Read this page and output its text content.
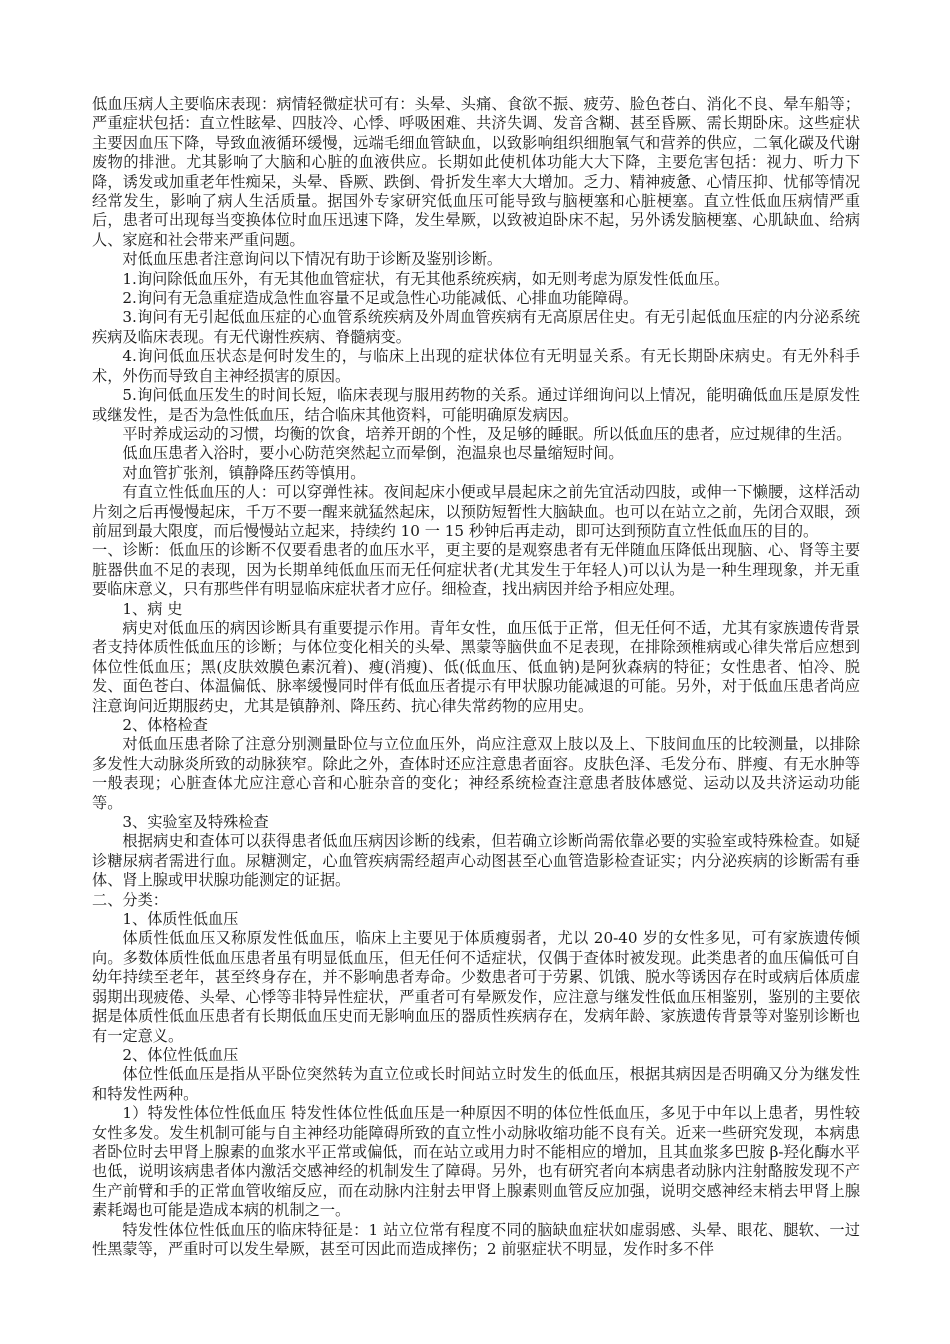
低血压病人主要临床表现：病情轻微症状可有：头晕、头痛、食欲不振、疲劳、脸色苍白、消化不良、晕车船等；严重症状包括：直立性眩晕、四肢冷、心悸、呼吸困难、共济失调、发音含糊、甚至昏厥、需长期卧床。这些症状主要因血压下降，导致血液循环缓慢，远端毛细血管缺血，以致影响组织细胞氧气和营养的供应，二氧化碳及代谢废物的排泄。尤其影响了大脑和心脏的血液供应。长期如此使机体功能大大下降，主要危害包括：视力、听力下降，诱发或加重老年性痴呆，头晕、昏厥、跌倒、骨折发生率大大增加。乏力、精神疲惫、心情压抑、忧郁等情况经常发生，影响了病人生活质量。据国外专家研究低血压可能导致与脑梗塞和心脏梗塞。直立性低血压病情严重后，患者可出现每当变换体位时血压迅速下降，发生晕厥，以致被迫卧床不起，另外诱发脑梗塞、心肌缺血、给病人、家庭和社会带来严重问题。

对低血压患者注意询问以下情况有助于诊断及鉴别诊断。

1.询问除低血压外，有无其他血管症状，有无其他系统疾病，如无则考虑为原发性低血压。

2.询问有无急重症造成急性血容量不足或急性心功能减低、心排血功能障碍。

3.询问有无引起低血压症的心血管系统疾病及外周血管疾病有无高原居住史。有无引起低血压症的内分泌系统疾病及临床表现。有无代谢性疾病、脊髓病变。

4.询问低血压状态是何时发生的，与临床上出现的症状体位有无明显关系。有无长期卧床病史。有无外科手术，外伤而导致自主神经损害的原因。

5.询问低血压发生的时间长短，临床表现与服用药物的关系。通过详细询问以上情况，能明确低血压是原发性或继发性，是否为急性低血压，结合临床其他资料，可能明确原发病因。

平时养成运动的习惯，均衡的饮食，培养开朗的个性，及足够的睡眠。所以低血压的患者，应过规律的生活。

低血压患者入浴时，要小心防范突然起立而晕倒，泡温泉也尽量缩短时间。

对血管扩张剂，镇静降压药等慎用。

有直立性低血压的人：可以穿弹性袜。夜间起床小便或早晨起床之前先宜活动四肢，或伸一下懒腰，这样活动片刻之后再慢慢起床，千万不要一醒来就猛然起床，以预防短暂性大脑缺血。也可以在站立之前，先闭合双眼，颈前屈到最大限度，而后慢慢站立起来，持续约 10 一 15 秒钟后再走动，即可达到预防直立性低血压的目的。

一、诊断：低血压的诊断不仅要看患者的血压水平，更主要的是观察患者有无伴随血压降低出现脑、心、肾等主要脏器供血不足的表现，因为长期单纯低血压而无任何症状者(尤其发生于年轻人)可以认为是一种生理现象，并无重要临床意义，只有那些伴有明显临床症状者才应仔。细检查，找出病因并给予相应处理。

1、病 史

病史对低血压的病因诊断具有重要提示作用。青年女性，血压低于正常，但无任何不适，尤其有家族遗传背景者支持体质性低血压的诊断；与体位变化相关的头晕、黑蒙等脑供血不足表现，在排除颈椎病或心律失常后应想到体位性低血压；黑(皮肤效膜色素沉着)、瘦(消瘦)、低(低血压、低血钠)是阿狄森病的特征；女性患者、怕冷、脱发、面色苍白、体温偏低、脉率缓慢同时伴有低血压者提示有甲状腺功能减退的可能。另外，对于低血压患者尚应注意询问近期服药史，尤其是镇静剂、降压药、抗心律失常药物的应用史。

2、体格检查

对低血压患者除了注意分别测量卧位与立位血压外，尚应注意双上肢以及上、下肢间血压的比较测量，以排除多发性大动脉炎所致的动脉狭窄。除此之外，查体时还应注意患者面容。皮肤色泽、毛发分布、胖瘦、有无水肿等一般表现；心脏查体尤应注意心音和心脏杂音的变化；神经系统检查注意患者肢体感觉、运动以及共济运动功能等。

3、实验室及特殊检查

根据病史和查体可以获得患者低血压病因诊断的线索，但若确立诊断尚需依靠必要的实验室或特殊检查。如疑诊糖尿病者需进行血。尿糖测定，心血管疾病需经超声心动图甚至心血管造影检查证实；内分泌疾病的诊断需有垂体、肾上腺或甲状腺功能测定的证据。

二、分类：

1、体质性低血压

体质性低血压又称原发性低血压，临床上主要见于体质瘦弱者，尤以 20-40 岁的女性多见，可有家族遗传倾向。多数体质性低血压患者虽有明显低血压，但无任何不适症状，仅偶于查体时被发现。此类患者的血压偏低可自幼年持续至老年，甚至终身存在，并不影响患者寿命。少数患者可于劳累、饥饿、脱水等诱因存在时或病后体质虚弱期出现疲倦、头晕、心悸等非特异性症状，严重者可有晕厥发作，应注意与继发性低血压相鉴别，鉴别的主要依据是体质性低血压患者有长期低血压史而无影响血压的器质性疾病存在，发病年龄、家族遗传背景等对鉴别诊断也有一定意义。

2、体位性低血压

体位性低血压是指从平卧位突然转为直立位或长时间站立时发生的低血压，根据其病因是否明确又分为继发性和特发性两种。

1）特发性体位性低血压 特发性体位性低血压是一种原因不明的体位性低血压，多见于中年以上患者，男性较女性多发。发生机制可能与自主神经功能障碍所致的直立性小动脉收缩功能不良有关。近来一些研究发现，本病患者卧位时去甲肾上腺素的血浆水平正常或偏低，而在站立或用力时不能相应的增加，且其血浆多巴胺 β-羟化酶水平也低，说明该病患者体内激活交感神经的机制发生了障碍。另外，也有研究者向本病患者动脉内注射酪胺发现不产生产前臂和手的正常血管收缩反应，而在动脉内注射去甲肾上腺素则血管反应加强，说明交感神经末梢去甲肾上腺素耗竭也可能是造成本病的机制之一。

特发性体位性低血压的临床特征是：1 站立位常有程度不同的脑缺血症状如虚弱感、头晕、眼花、腿软、一过性黑蒙等，严重时可以发生晕厥，甚至可因此而造成摔伤；2 前驱症状不明显，发作时多不伴
